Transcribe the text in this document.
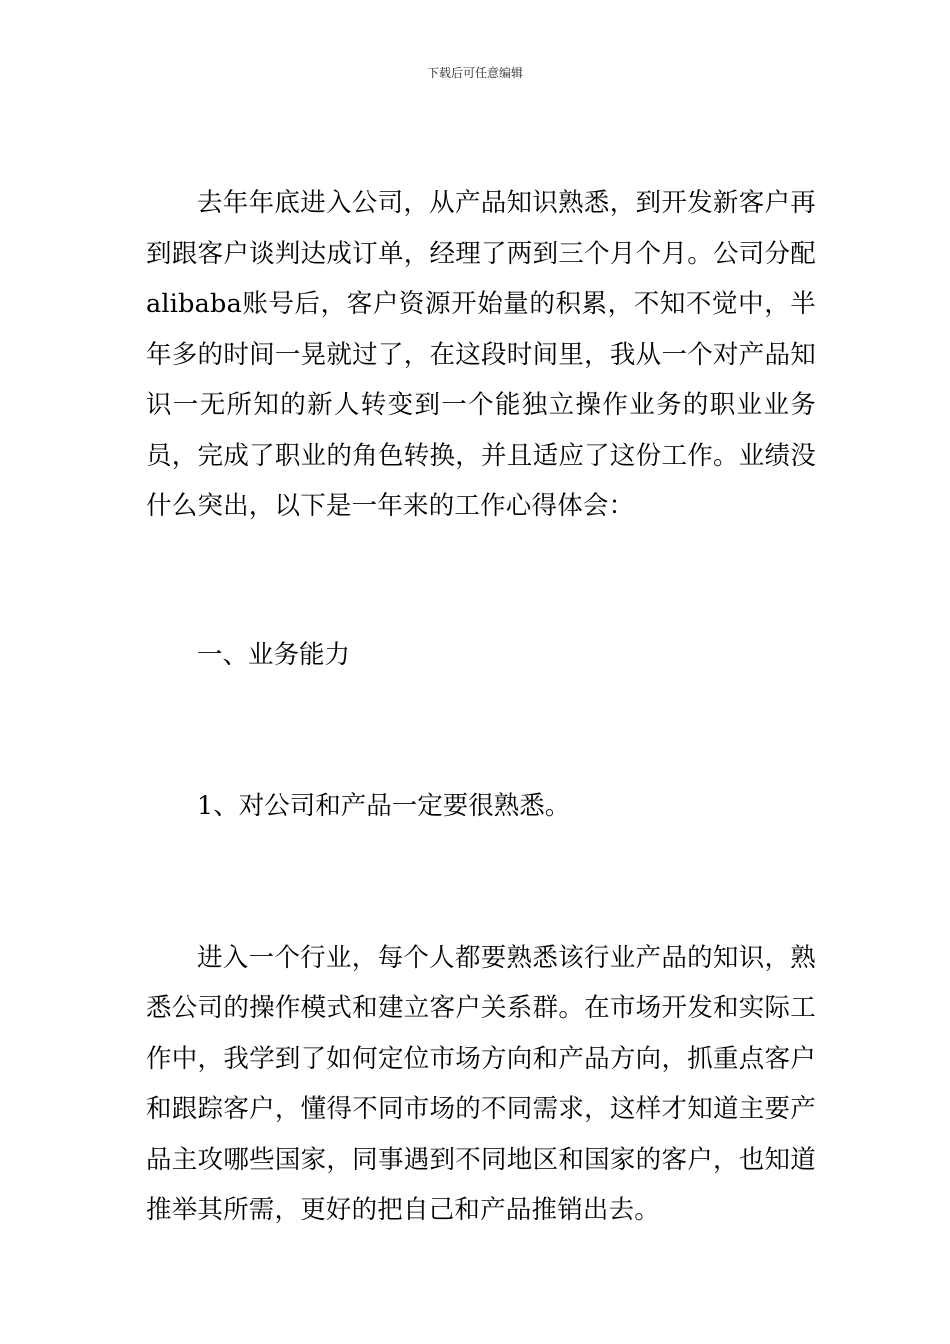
下载后可任意编辑

去年年底进入公司，从产品知识熟悉，到开发新客户再到跟客户谈判达成订单，经理了两到三个月个月。公司分配alibaba账号后，客户资源开始量的积累，不知不觉中，半年多的时间一晃就过了，在这段时间里，我从一个对产品知识一无所知的新人转变到一个能独立操作业务的职业业务员，完成了职业的角色转换，并且适应了这份工作。业绩没什么突出，以下是一年来的工作心得体会：

一、业务能力

1、对公司和产品一定要很熟悉。

进入一个行业，每个人都要熟悉该行业产品的知识，熟悉公司的操作模式和建立客户关系群。在市场开发和实际工作中，我学到了如何定位市场方向和产品方向，抓重点客户和跟踪客户，懂得不同市场的不同需求，这样才知道主要产品主攻哪些国家，同事遇到不同地区和国家的客户，也知道推举其所需，更好的把自己和产品推销出去。
